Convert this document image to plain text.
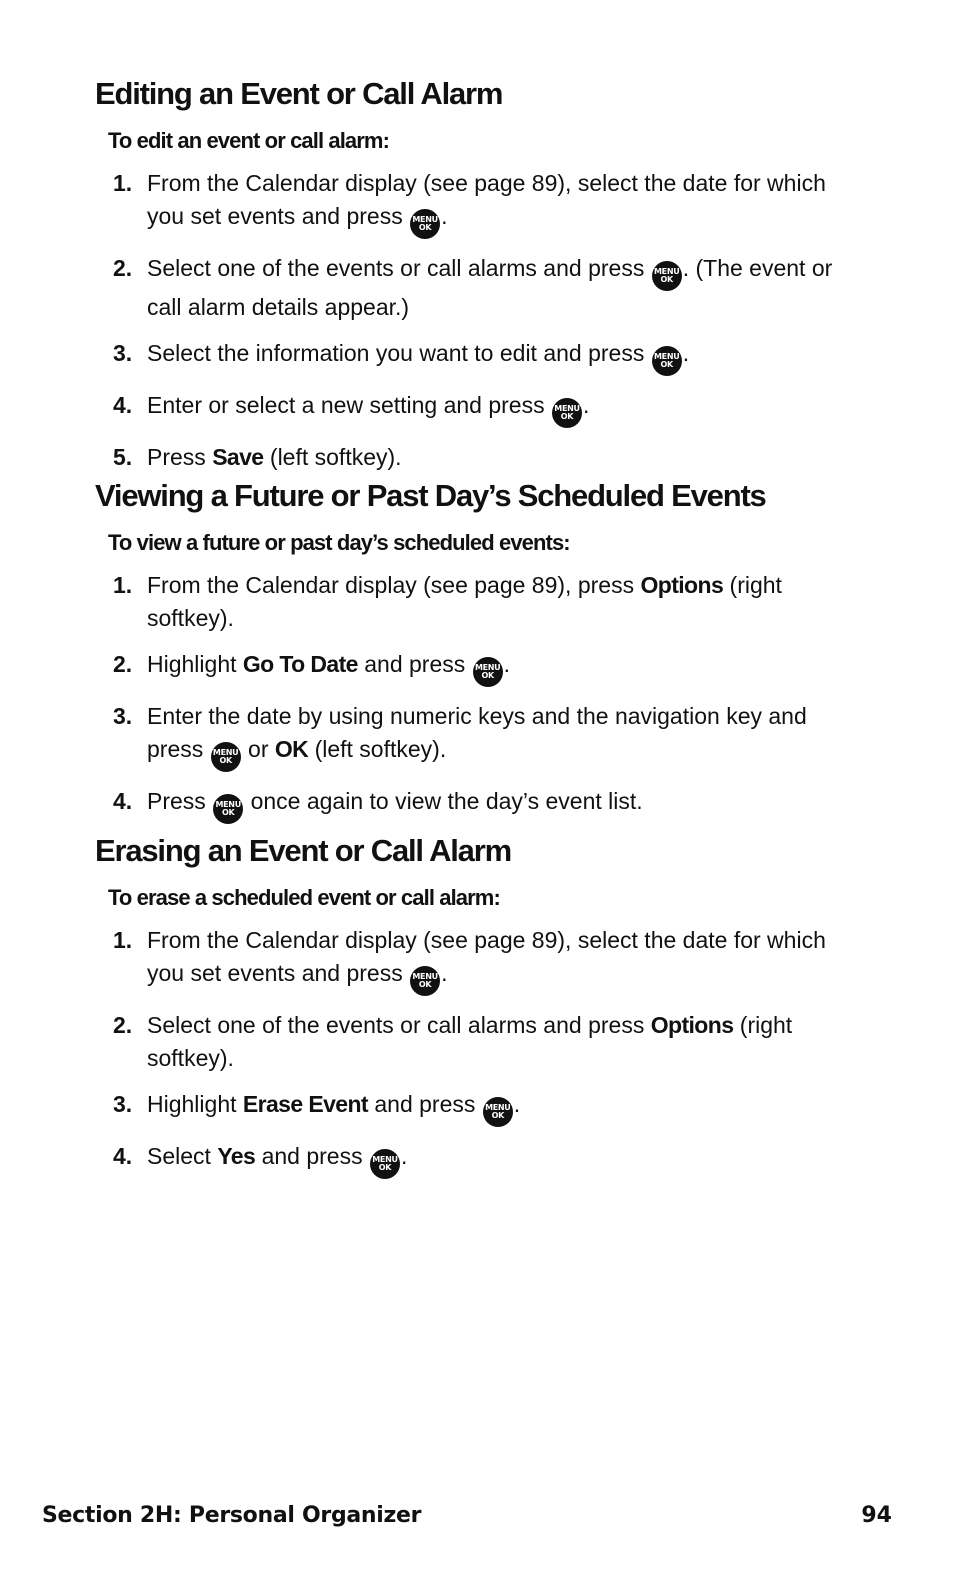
Editing an Event or Call Alarm
To edit an event or call alarm:
1. From the Calendar display (see page 89), select the date for which you set events and press MENU
OK .
2. Select one of the events or call alarms and press MENU
OK . (The event or call alarm details appear.)
3. Select the information you want to edit and press MENU
OK .
4. Enter or select a new setting and press MENU
OK .
5. Press Save (left softkey).
Viewing a Future or Past Day’s Scheduled Events
To view a future or past day’s scheduled events:
1. From the Calendar display (see page 89), press Options (right softkey).
2. Highlight Go To Date and press MENU
OK .
3. Enter the date by using numeric keys and the navigation key and press MENU
OK or OK (left softkey).
4. Press MENU
OK once again to view the day’s event list.
Erasing an Event or Call Alarm
To erase a scheduled event or call alarm:
1. From the Calendar display (see page 89), select the date for which you set events and press MENU
OK .
2. Select one of the events or call alarms and press Options (right softkey).
3. Highlight Erase Event and press MENU
OK .
4. Select Yes and press MENU
OK .
Section 2H: Personal Organizer	94
